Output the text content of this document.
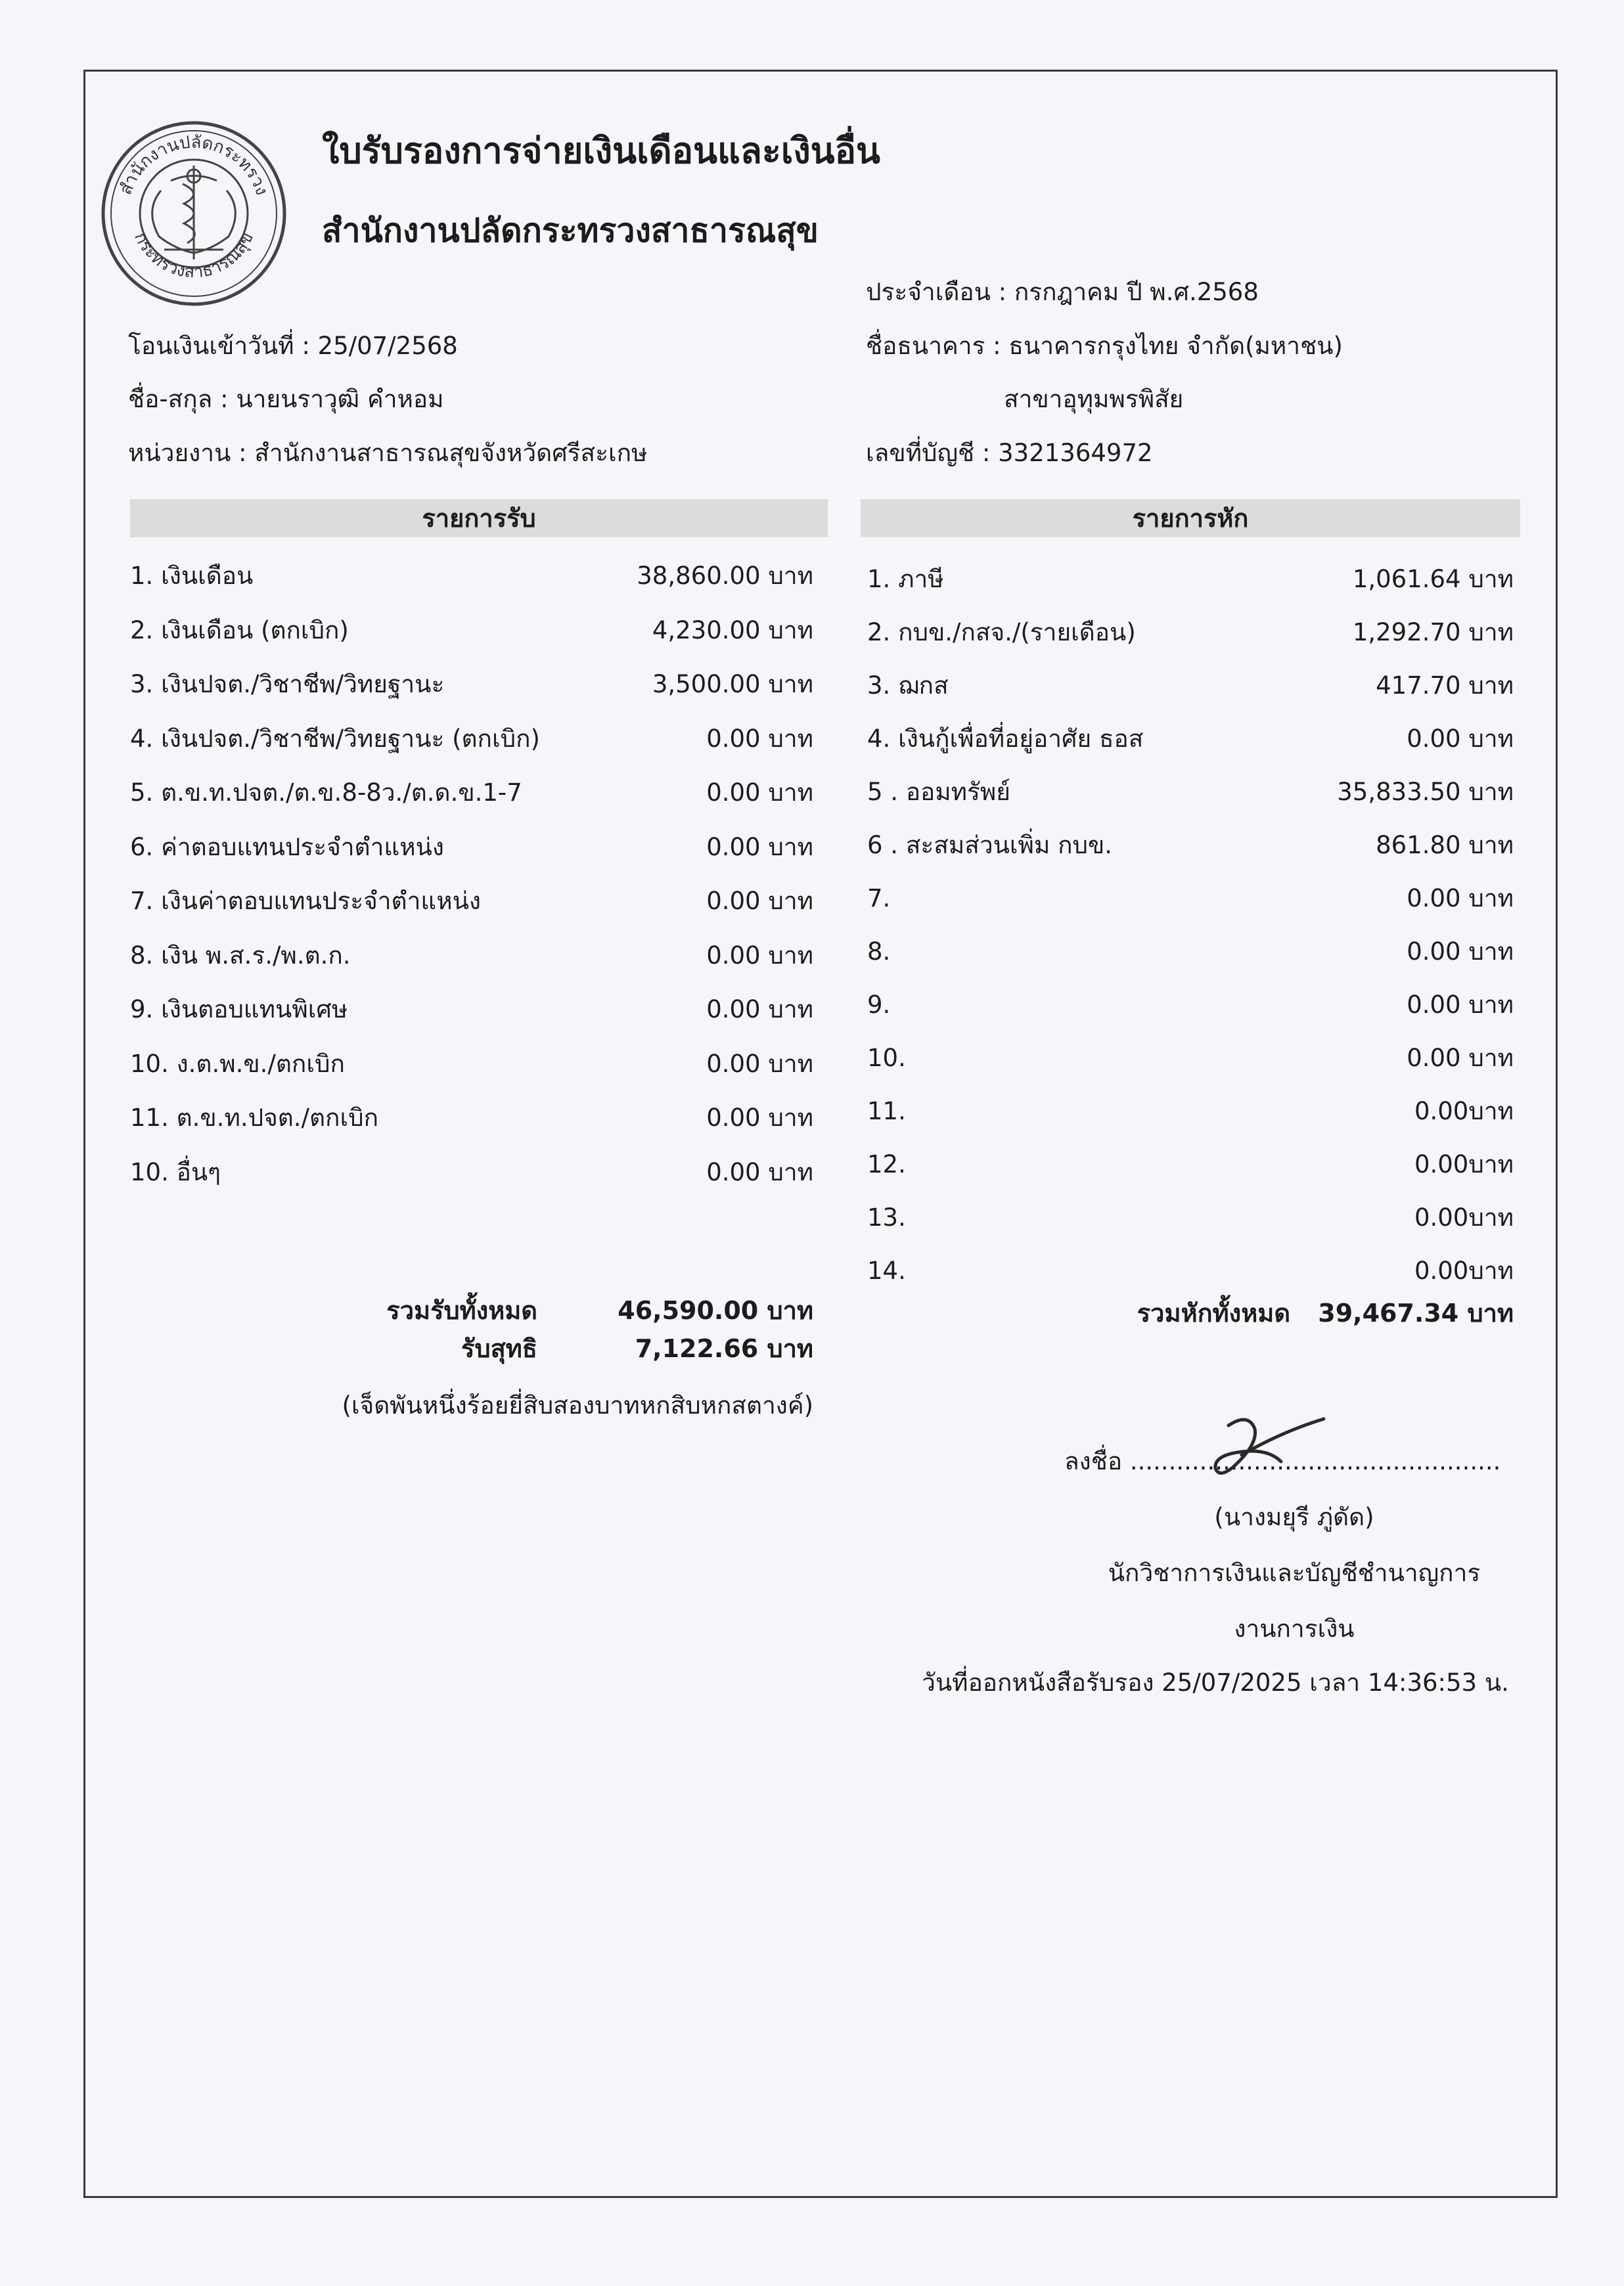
สำนักงานปลัดกระทรวง
กระทรวงสาธารณสุข
ใบรับรองการจ่ายเงินเดือนและเงินอื่น
สำนักงานปลัดกระทรวงสาธารณสุข
ประจำเดือน : กรกฎาคม ปี พ.ศ.2568
โอนเงินเข้าวันที่ : 25/07/2568	ชื่อธนาคาร : ธนาคารกรุงไทย จำกัด(มหาชน)
ชื่อ-สกุล : นายนราวุฒิ คำหอม	สาขาอุทุมพรพิสัย
หน่วยงาน : สำนักงานสาธารณสุขจังหวัดศรีสะเกษ	เลขที่บัญชี : 3321364972
รายการรับ	รายการหัก
1. เงินเดือน	38,860.00 บาท
2. เงินเดือน (ตกเบิก)	4,230.00 บาท
3. เงินปจต./วิชาชีพ/วิทยฐานะ	3,500.00 บาท
4. เงินปจต./วิชาชีพ/วิทยฐานะ (ตกเบิก)	0.00 บาท
5. ต.ข.ท.ปจต./ต.ข.8-8ว./ต.ด.ข.1-7	0.00 บาท
6. ค่าตอบแทนประจำตำแหน่ง	0.00 บาท
7. เงินค่าตอบแทนประจำตำแหน่ง	0.00 บาท
8. เงิน พ.ส.ร./พ.ต.ก.	0.00 บาท
9. เงินตอบแทนพิเศษ	0.00 บาท
10. ง.ต.พ.ข./ตกเบิก	0.00 บาท
11. ต.ข.ท.ปจต./ตกเบิก	0.00 บาท
10. อื่นๆ	0.00 บาท
1. ภาษี	1,061.64 บาท
2. กบข./กสจ./(รายเดือน)	1,292.70 บาท
3. ฌกส	417.70 บาท
4. เงินกู้เพื่อที่อยู่อาศัย ธอส	0.00 บาท
5 . ออมทรัพย์	35,833.50 บาท
6 . สะสมส่วนเพิ่ม กบข.	861.80 บาท
7.	0.00 บาท
8.	0.00 บาท
9.	0.00 บาท
10.	0.00 บาท
11.	0.00บาท
12.	0.00บาท
13.	0.00บาท
14.	0.00บาท
รวมรับทั้งหมด	46,590.00 บาท
รับสุทธิ	7,122.66 บาท
(เจ็ดพันหนึ่งร้อยยี่สิบสองบาทหกสิบหกสตางค์)
รวมหักทั้งหมด 39,467.34 บาท
ลงชื่อ ................................................
(นางมยุรี ภู่ดัด)
นักวิชาการเงินและบัญชีชำนาญการ
งานการเงิน
วันที่ออกหนังสือรับรอง 25/07/2025 เวลา 14:36:53 น.
